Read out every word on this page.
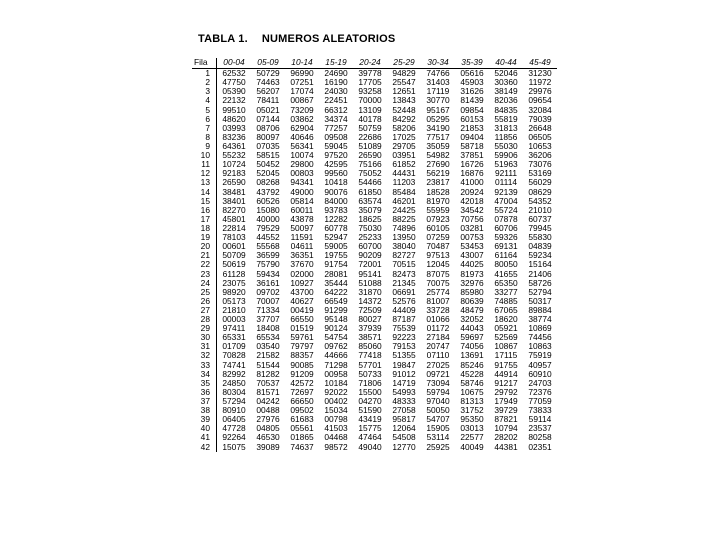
TABLA 1. NUMEROS ALEATORIOS
Fila	00-04	05-09	10-14	15-19	20-24	25-29	30-34	35-39	40-44	45-49
1	62532	50729	96990	24690	39778	94829	74766	05616	52046	31230
2	47750	74463	07251	16190	17705	25547	31403	45903	30360	11972
3	05390	56207	17074	24030	93258	12651	17119	31626	38149	29976
4	22132	78411	00867	22451	70000	13843	30770	81439	82036	09654
5	99510	05021	73209	66312	13109	52448	95167	09854	84835	32084
6	48620	07144	03862	34374	40178	84292	05295	60153	55819	79039
7	03993	08706	62904	77257	50759	58206	34190	21853	31813	26648
8	83236	80097	40646	09508	22686	17025	77517	09404	11856	06505
9	64361	07035	56341	59045	51089	29705	35059	58718	55030	10653
10	55232	58515	10074	97520	26590	03951	54982	37851	59906	36206
11	10724	50452	29800	42595	75166	61852	27690	16726	51963	73076
12	92183	52045	00803	99560	75052	44431	56219	16876	92111	53169
13	26590	08268	94341	10418	54466	11203	23817	41000	01114	56029
14	38481	43792	49000	90076	61850	85484	18528	20924	92139	08629
15	38401	60526	05814	84000	63574	46201	81970	42018	47004	54352
16	82270	15080	60011	93783	35079	24425	55959	34542	55724	21010
17	45801	40000	43878	12282	18625	88225	07923	70756	07878	60737
18	22814	79529	50097	60778	75030	74896	60105	03281	60706	79945
19	78103	44552	11591	52947	25233	13950	07259	00753	59326	55830
20	00601	55568	04611	59005	60700	38040	70487	53453	69131	04839
21	50709	36599	36351	19755	90209	82727	97513	43007	61164	59234
22	50619	75790	37670	91754	72001	70515	12045	44025	80050	15164
23	61128	59434	02000	28081	95141	82473	87075	81973	41655	21406
24	23075	36161	10927	35444	51088	21345	70075	32976	65350	58726
25	98920	09702	43700	64222	31870	06691	25774	85980	33277	52794
26	05173	70007	40627	66549	14372	52576	81007	80639	74885	50317
27	21810	71334	00419	91299	72509	44409	33728	48479	67065	89884
28	00003	37707	66550	95148	80027	87187	01066	32052	18620	38774
29	97411	18408	01519	90124	37939	75539	01172	44043	05921	10869
30	65331	65534	59761	54754	38571	92223	27184	59697	52569	74456
31	01709	03540	79797	09762	85060	79153	20747	74056	10867	10863
32	70828	21582	88357	44666	77418	51355	07110	13691	17115	75919
33	74741	51544	90085	71298	57701	19847	27025	85246	91755	40957
34	82992	81282	91209	00958	50733	91012	09721	45228	44914	60910
35	24850	70537	42572	10184	71806	14719	73094	58746	91217	24703
36	80304	81571	72697	92022	15500	54993	59794	10675	29792	72376
37	57294	04242	66650	00402	04270	48333	97040	81313	17949	77059
38	80910	00488	09502	15034	51590	27058	50050	31752	39729	73833
39	06405	27976	61683	00798	43419	95817	54707	95350	87821	59114
40	47728	04805	05561	41503	15775	12064	15905	03013	10794	23537
41	92264	46530	01865	04468	47464	54508	53114	22577	28202	80258
42	15075	39089	74637	98572	49040	12770	25925	40049	44381	02351
